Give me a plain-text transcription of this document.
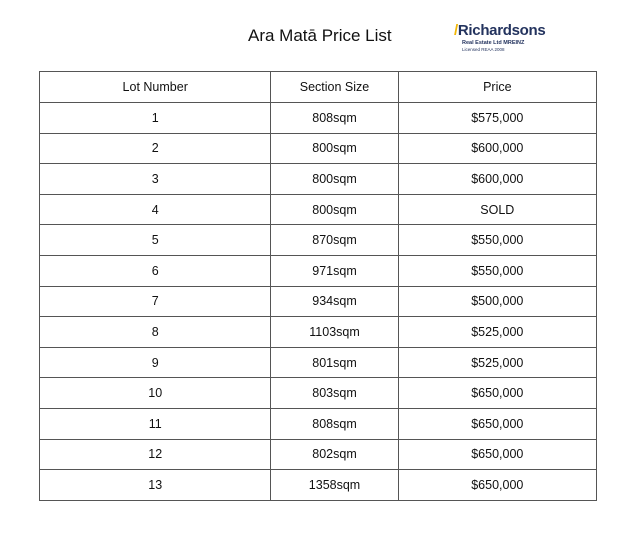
Ara Matā Price List	/Richardsons
Real Estate Ltd MREINZ
Licensed REAA 2008
Lot Number	Section Size	Price
1	808sqm	$575,000
2	800sqm	$600,000
3	800sqm	$600,000
4	800sqm	SOLD
5	870sqm	$550,000
6	971sqm	$550,000
7	934sqm	$500,000
8	1103sqm	$525,000
9	801sqm	$525,000
10	803sqm	$650,000
11	808sqm	$650,000
12	802sqm	$650,000
13	1358sqm	$650,000
